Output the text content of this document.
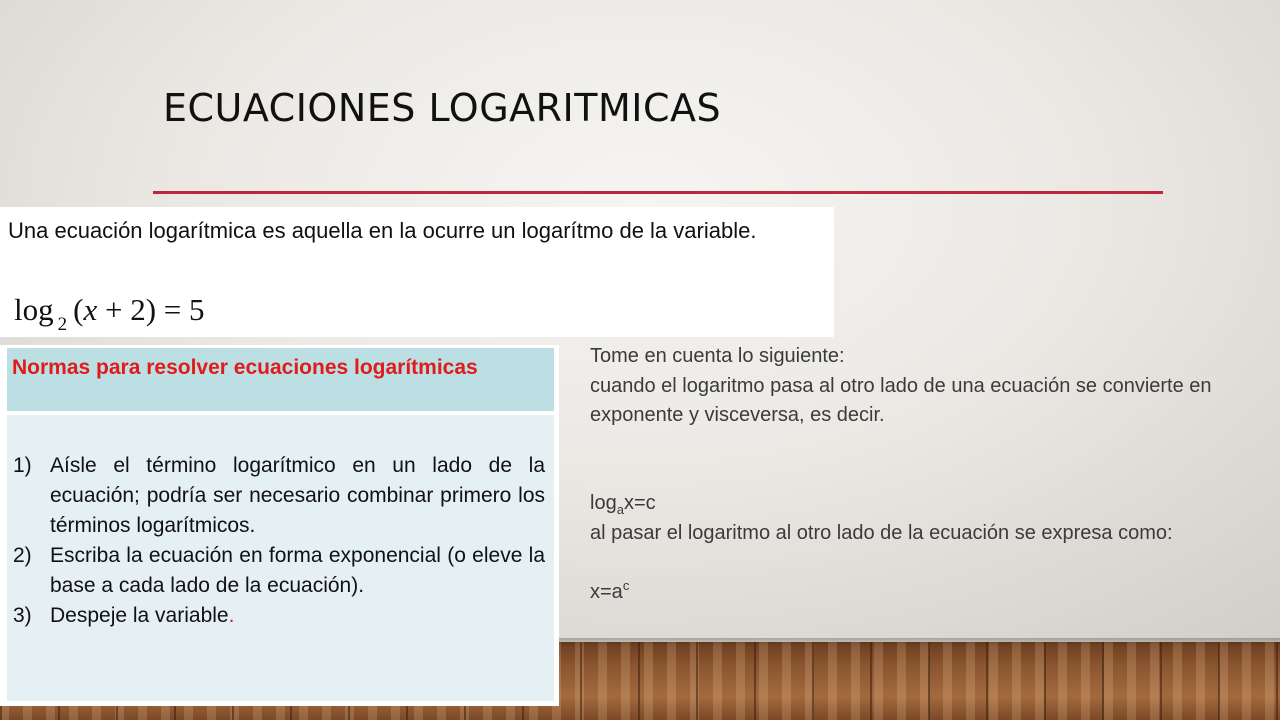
ECUACIONES LOGARITMICAS

Una ecuación logarítmica es aquella en la ocurre un logarítmo de la variable.

log $_2$ (x + 2) = 5

Normas para resolver ecuaciones logarítmicas

1) Aísle el término logarítmico en un lado de la ecuación; podría ser necesario combinar primero los términos logarítmicos.
2) Escriba la ecuación en forma exponencial (o eleve la base a cada lado de la ecuación).
3) Despeje la variable.

Tome en cuenta lo siguiente:

cuando el logaritmo pasa al otro lado de una ecuación se convierte en exponente y visceversa, es decir.

$\log_ax=c$

al pasar el logaritmo al otro lado de la ecuación se expresa como:

$x=a^c$
